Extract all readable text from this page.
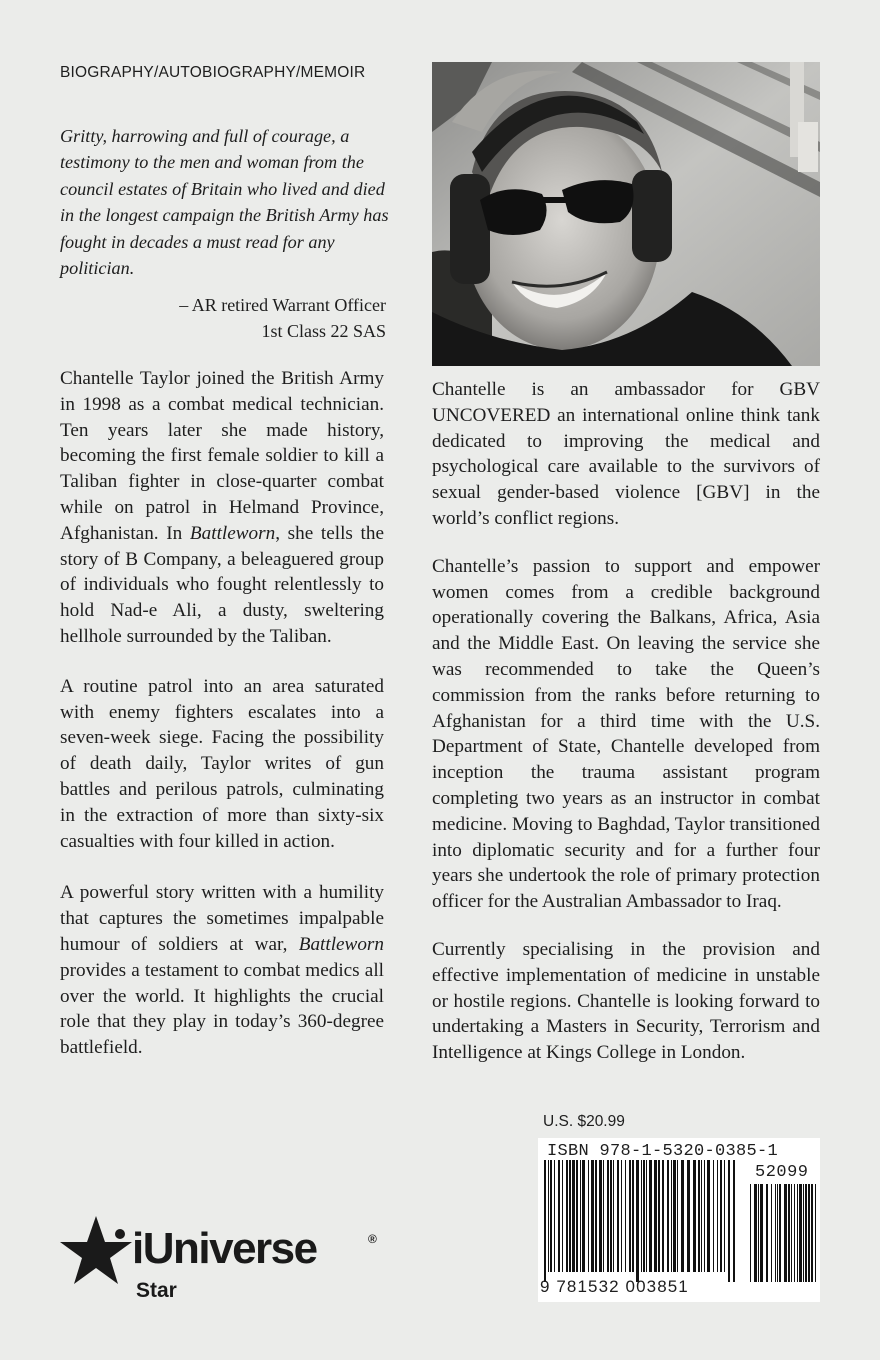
BIOGRAPHY/AUTOBIOGRAPHY/MEMOIR

Gritty, harrowing and full of courage, a testimony to the men and woman from the council estates of Britain who lived and died in the longest campaign the British Army has fought in decades a must read for any politician.

– AR retired Warrant Officer
1st Class 22 SAS

Chantelle Taylor joined the British Army in 1998 as a combat medical technician. Ten years later she made history, becoming the first female soldier to kill a Taliban fighter in close-quarter combat while on patrol in Helmand Province, Afghanistan. In Battleworn, she tells the story of B Company, a beleaguered group of individuals who fought relentlessly to hold Nad-e Ali, a dusty, sweltering hellhole surrounded by the Taliban.

A routine patrol into an area saturated with enemy fighters escalates into a seven-week siege. Facing the possibility of death daily, Taylor writes of gun battles and perilous patrols, culminating in the extraction of more than sixty-six casualties with four killed in action.

A powerful story written with a humility that captures the sometimes impalpable humour of soldiers at war, Battleworn provides a testament to combat medics all over the world. It highlights the crucial role that they play in today’s 360-degree battlefield.

Chantelle is an ambassador for GBV UNCOVERED an international online think tank dedicated to improving the medical and psychological care available to the survivors of sexual gender-based violence [GBV] in the world’s conflict regions.

Chantelle’s passion to support and empower women comes from a credible background operationally covering the Balkans, Africa, Asia and the Middle East. On leaving the service she was recommended to take the Queen’s commission from the ranks before returning to Afghanistan for a third time with the U.S. Department of State, Chantelle developed from inception the trauma assistant program completing two years as an instructor in combat medicine. Moving to Baghdad, Taylor transitioned into diplomatic security and for a further four years she undertook the role of primary protection officer for the Australian Ambassador to Iraq.

Currently specialising in the provision and effective implementation of medicine in unstable or hostile regions. Chantelle is looking forward to undertaking a Masters in Security, Terrorism and Intelligence at Kings College in London.

U.S. $20.99
ISBN 978-1-5320-0385-1
52099
9 781532 003851
iUniverse	®
Star
